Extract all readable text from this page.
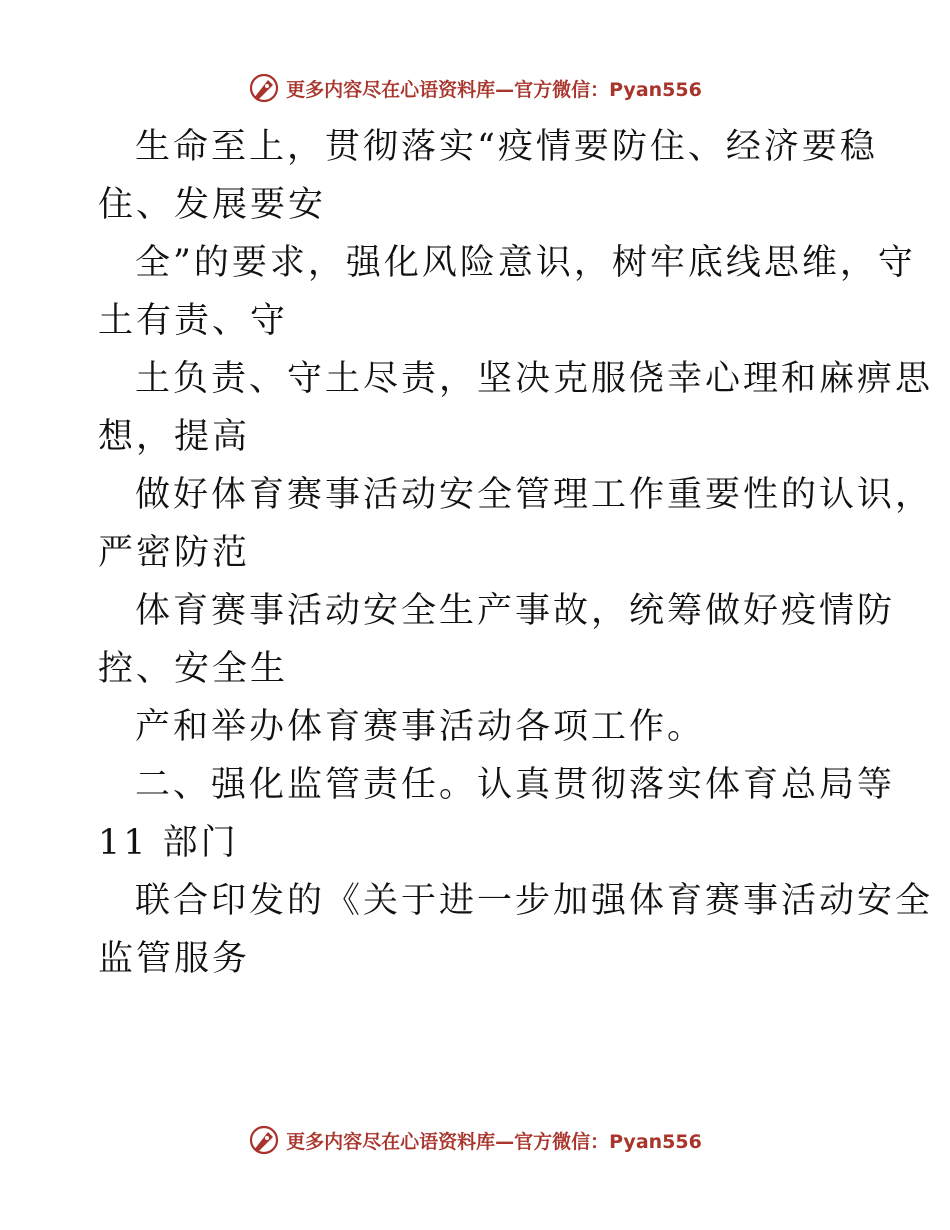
更多内容尽在心语资料库—官方微信：Pyan556
生命至上，贯彻落实“疫情要防住、经济要稳
住、发展要安
全”的要求，强化风险意识，树牢底线思维，守
土有责、守
土负责、守土尽责，坚决克服侥幸心理和麻痹思
想，提高
做好体育赛事活动安全管理工作重要性的认识，
严密防范
体育赛事活动安全生产事故，统筹做好疫情防
控、安全生
产和举办体育赛事活动各项工作。
二、强化监管责任。认真贯彻落实体育总局等
11 部门
联合印发的《关于进一步加强体育赛事活动安全
监管服务
更多内容尽在心语资料库—官方微信：Pyan556
